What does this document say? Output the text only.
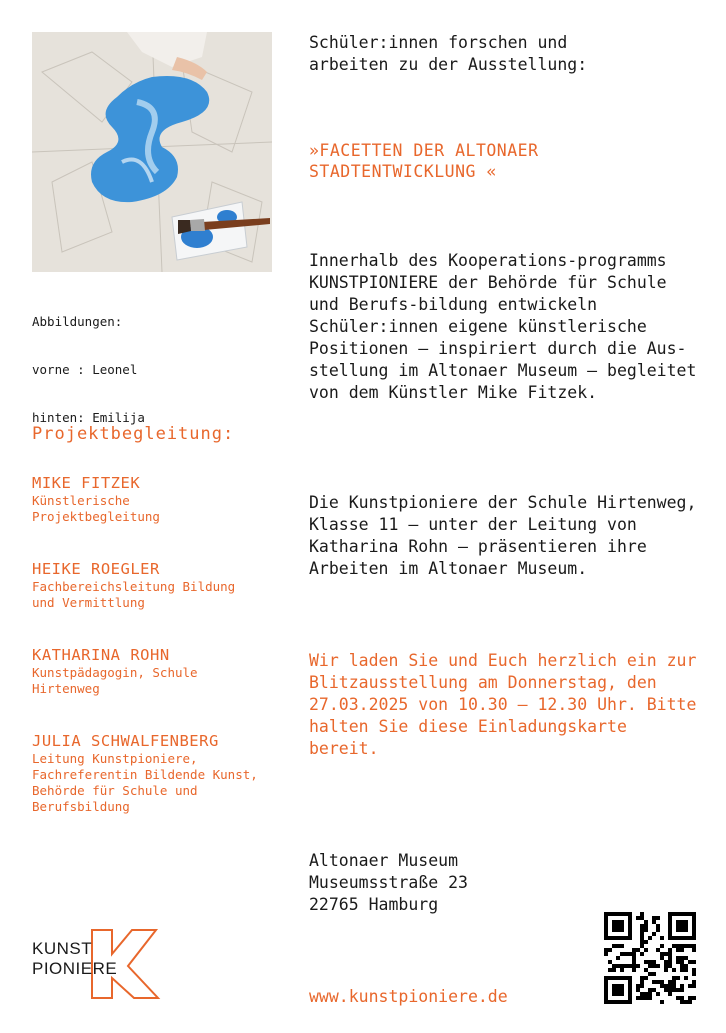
Abbildungen:

vorne : Leonel

hinten: Emilija

Projektbegleitung:
MIKE FITZEK
Künstlerische Projektbegleitung
HEIKE ROEGLER
Fachbereichsleitung Bildung und Vermittlung
KATHARINA ROHN
Kunstpädagogin, Schule Hirtenweg
JULIA SCHWALFENBERG
Leitung Kunstpioniere, Fachreferentin Bildende Kunst, Behörde für Schule und Berufsbildung
KUNST
PIONIERE
Schüler:innen forschen und arbeiten zu der Ausstellung:
»FACETTEN DER ALTONAER STADTENTWICKLUNG «
Innerhalb des Kooperations-programms KUNSTPIONIERE der Behörde für Schule und Berufs-bildung entwickeln Schüler:innen eigene künstlerische Positionen – inspiriert durch die Aus-stellung im Altonaer Museum – begleitet von dem Künstler Mike Fitzek.
Die Kunstpioniere der Schule Hirtenweg, Klasse 11 – unter der Leitung von Katharina Rohn – präsentieren ihre Arbeiten im Altonaer Museum.
Wir laden Sie und Euch herzlich ein zur Blitzausstellung am Donnerstag, den 27.03.2025 von 10.30 – 12.30 Uhr. Bitte halten Sie diese Einladungskarte bereit.
Altonaer Museum
Museumsstraße 23
22765 Hamburg
www.kunstpioniere.de
